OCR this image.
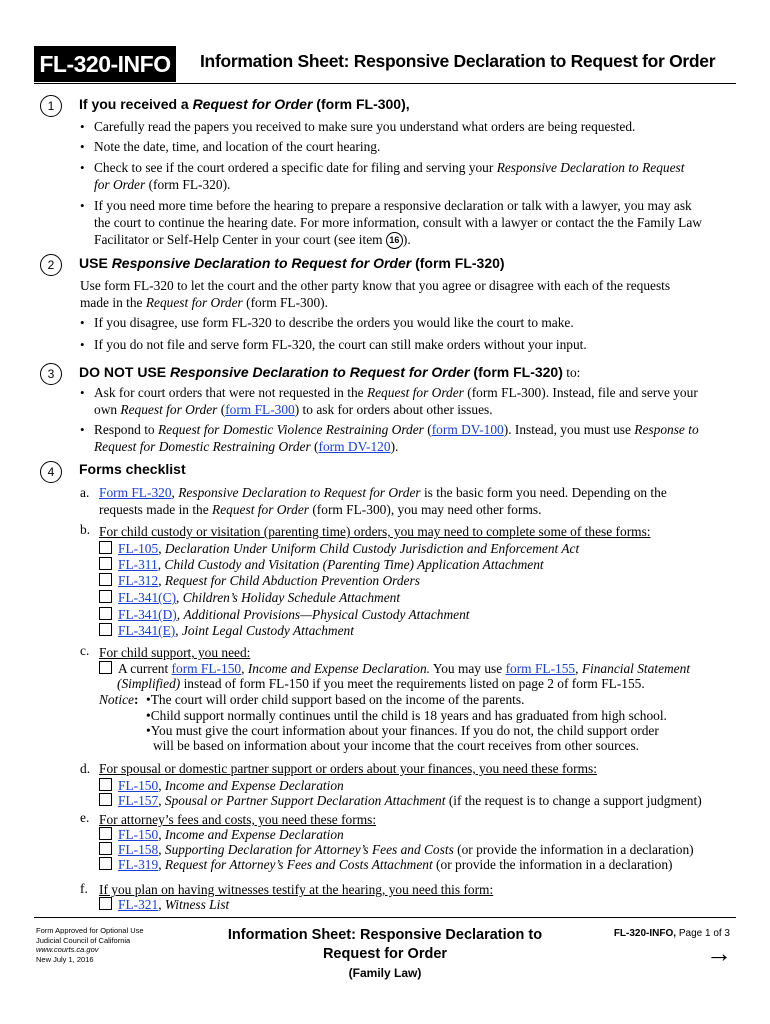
FL-320-INFO	Information Sheet: Responsive Declaration to Request for Order
1	If you received a Request for Order (form FL-300),
• Carefully read the papers you received to make sure you understand what orders are being requested.
• Note the date, time, and location of the court hearing.
• Check to see if the court ordered a specific date for filing and serving your Responsive Declaration to Request
for Order (form FL-320).
• If you need more time before the hearing to prepare a responsive declaration or talk with a lawyer, you may ask
the court to continue the hearing date. For more information, consult with a lawyer or contact the the Family Law
Facilitator or Self-Help Center in your court (see item 16 ).
2	USE Responsive Declaration to Request for Order (form FL-320)
Use form FL-320 to let the court and the other party know that you agree or disagree with each of the requests
made in the Request for Order (form FL-300).
• If you disagree, use form FL-320 to describe the orders you would like the court to make.
• If you do not file and serve form FL-320, the court can still make orders without your input.
3	DO NOT USE Responsive Declaration to Request for Order (form FL-320) to:
• Ask for court orders that were not requested in the Request for Order (form FL-300). Instead, file and serve your
own Request for Order (form FL-300) to ask for orders about other issues.
• Respond to Request for Domestic Violence Restraining Order (form DV-100). Instead, you must use Response to
Request for Domestic Restraining Order (form DV-120).
4	Forms checklist
a. Form FL-320, Responsive Declaration to Request for Order is the basic form you need. Depending on the
requests made in the Request for Order (form FL-300), you may need other forms.
b. For child custody or visitation (parenting time) orders, you may need to complete some of these forms:
FL-105, Declaration Under Uniform Child Custody Jurisdiction and Enforcement Act
FL-311, Child Custody and Visitation (Parenting Time) Application Attachment
FL-312, Request for Child Abduction Prevention Orders
FL-341(C), Children’s Holiday Schedule Attachment
FL-341(D), Additional Provisions—Physical Custody Attachment
FL-341(E), Joint Legal Custody Attachment
c. For child support, you need:
A current form FL-150, Income and Expense Declaration. You may use form FL-155, Financial Statement
(Simplified) instead of form FL-150 if you meet the requirements listed on page 2 of form FL-155.
Notice: •The court will order child support based on the income of the parents.
•Child support normally continues until the child is 18 years and has graduated from high school.
•You must give the court information about your finances. If you do not, the child support order
will be based on information about your income that the court receives from other sources.
d. For spousal or domestic partner support or orders about your finances, you need these forms:
FL-150, Income and Expense Declaration
FL-157, Spousal or Partner Support Declaration Attachment (if the request is to change a support judgment)
e. For attorney’s fees and costs, you need these forms:
FL-150, Income and Expense Declaration
FL-158, Supporting Declaration for Attorney’s Fees and Costs (or provide the information in a declaration)
FL-319, Request for Attorney’s Fees and Costs Attachment (or provide the information in a declaration)
f. If you plan on having witnesses testify at the hearing, you need this form:
FL-321, Witness List
Form Approved for Optional Use
Judicial Council of California
www.courts.ca.gov
New July 1, 2016
Information Sheet: Responsive Declaration to
Request for Order
(Family Law)
FL-320-INFO, Page 1 of 3
→
